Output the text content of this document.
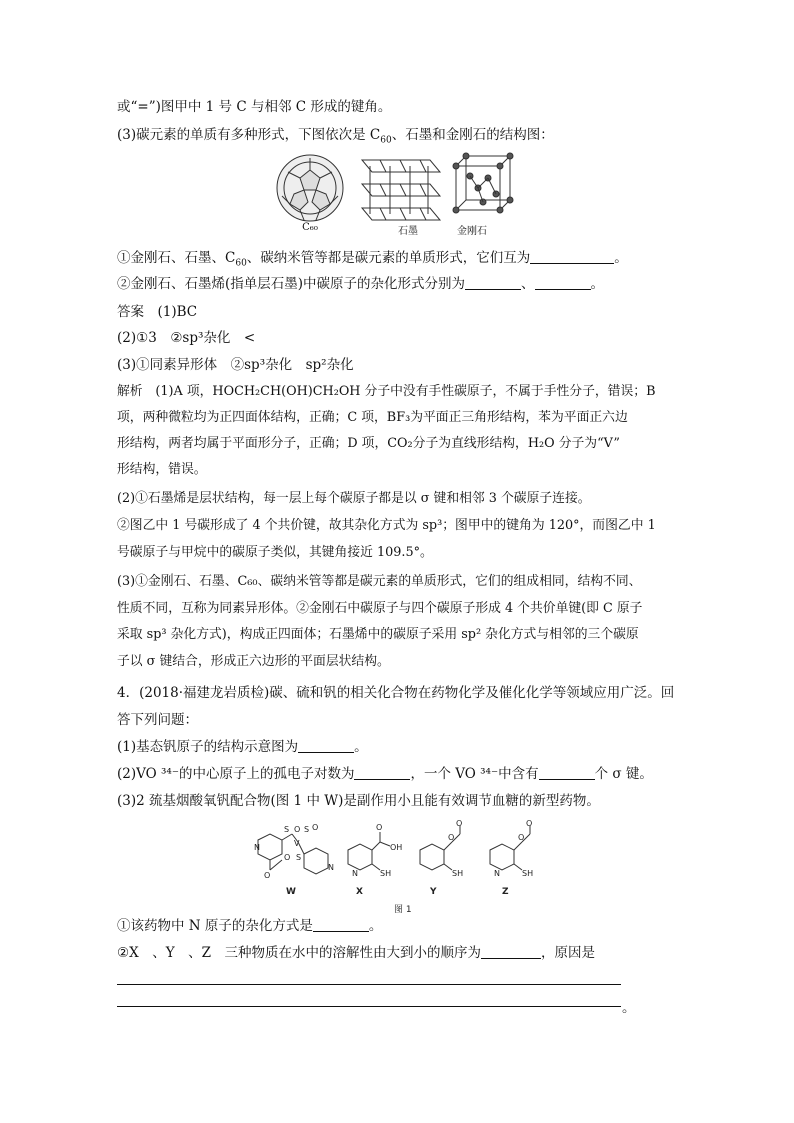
或“=”)图甲中 1 号 C 与相邻 C 形成的键角。
(3)碳元素的单质有多种形式，下图依次是 $C_{60}$、石墨和金刚石的结构图：
C₆₀	石墨	金刚石
①金刚石、石墨、$C_{60}$、碳纳米管等都是碳元素的单质形式，它们互为	。
②金刚石、石墨烯(指单层石墨)中碳原子的杂化形式分别为	、	。
答案　(1)BC
(2)①3　②sp³杂化　<
(3)①同素异形体　②sp³杂化　sp²杂化
解析　(1)A 项，HOCH₂CH(OH)CH₂OH 分子中没有手性碳原子，不属于手性分子，错误；B
项，两种微粒均为正四面体结构，正确；C 项，BF₃为平面正三角形结构，苯为平面正六边
形结构，两者均属于平面形分子，正确；D 项，CO₂分子为直线形结构，H₂O 分子为“V”
形结构，错误。
(2)①石墨烯是层状结构，每一层上每个碳原子都是以 σ 键和相邻 3 个碳原子连接。
②图乙中 1 号碳形成了 4 个共价键，故其杂化方式为 sp³；图甲中的键角为 120°，而图乙中 1
号碳原子与甲烷中的碳原子类似，其键角接近 109.5°。
(3)①金刚石、石墨、C₆₀、碳纳米管等都是碳元素的单质形式，它们的组成相同，结构不同、
性质不同，互称为同素异形体。②金刚石中碳原子与四个碳原子形成 4 个共价单键(即 C 原子
采取 sp³ 杂化方式)，构成正四面体；石墨烯中的碳原子采用 sp² 杂化方式与相邻的三个碳原
子以 σ 键结合，形成正六边形的平面层状结构。
4．(2018·福建龙岩质检)碳、硫和钒的相关化合物在药物化学及催化化学等领域应用广泛。回
答下列问题：
(1)基态钒原子的结构示意图为	。
(2)VO ³⁴⁻的中心原子上的孤电子对数为	，一个 VO ³⁴⁻中含有	个 σ 键。
(3)2 巯基烟酸氧钒配合物(图 1 中 W)是副作用小且能有效调节血糖的新型药物。
S O S O
V
O S
O
N
N
O
OH
SH
N
O
O
SH
O
O
SH
N
W	X	Y	Z
图 1
①该药物中 N 原子的杂化方式是	。
②X　、Y　、Z　三种物质在水中的溶解性由大到小的顺序为	，原因是
。
